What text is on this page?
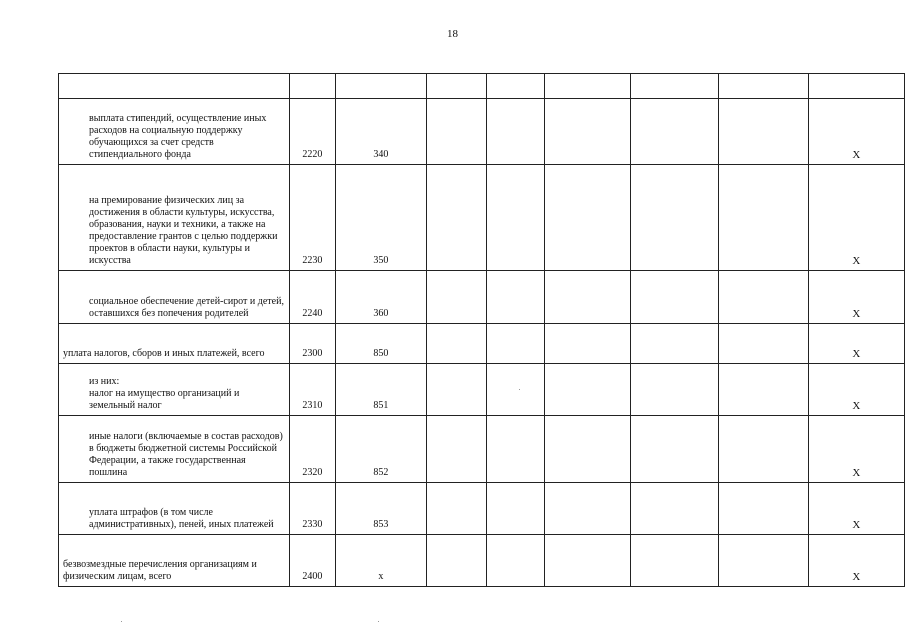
18

выплата стипендий, осуществление иных расходов на социальную поддержку обучающихся за счет средств стипендиального фонда	2220	340						Х

на премирование физических лиц за достижения в области культуры, искусства, образования, науки и техники, а также на предоставление грантов с целью поддержки проектов в области науки, культуры и искусства	2230	350						Х

социальное обеспечение детей-сирот и детей, оставшихся без попечения родителей	2240	360						Х

уплата налогов, сборов и иных платежей, всего	2300	850						Х

из них:
налог на имущество организаций и земельный налог	2310	851						Х

иные налоги (включаемые в состав расходов) в бюджеты бюджетной системы Российской Федерации, а также государственная пошлина	2320	852						Х

уплата штрафов (в том числе административных), пеней, иных платежей	2330	853						Х

безвозмездные перечисления организациям и физическим лицам, всего	2400	х						Х
